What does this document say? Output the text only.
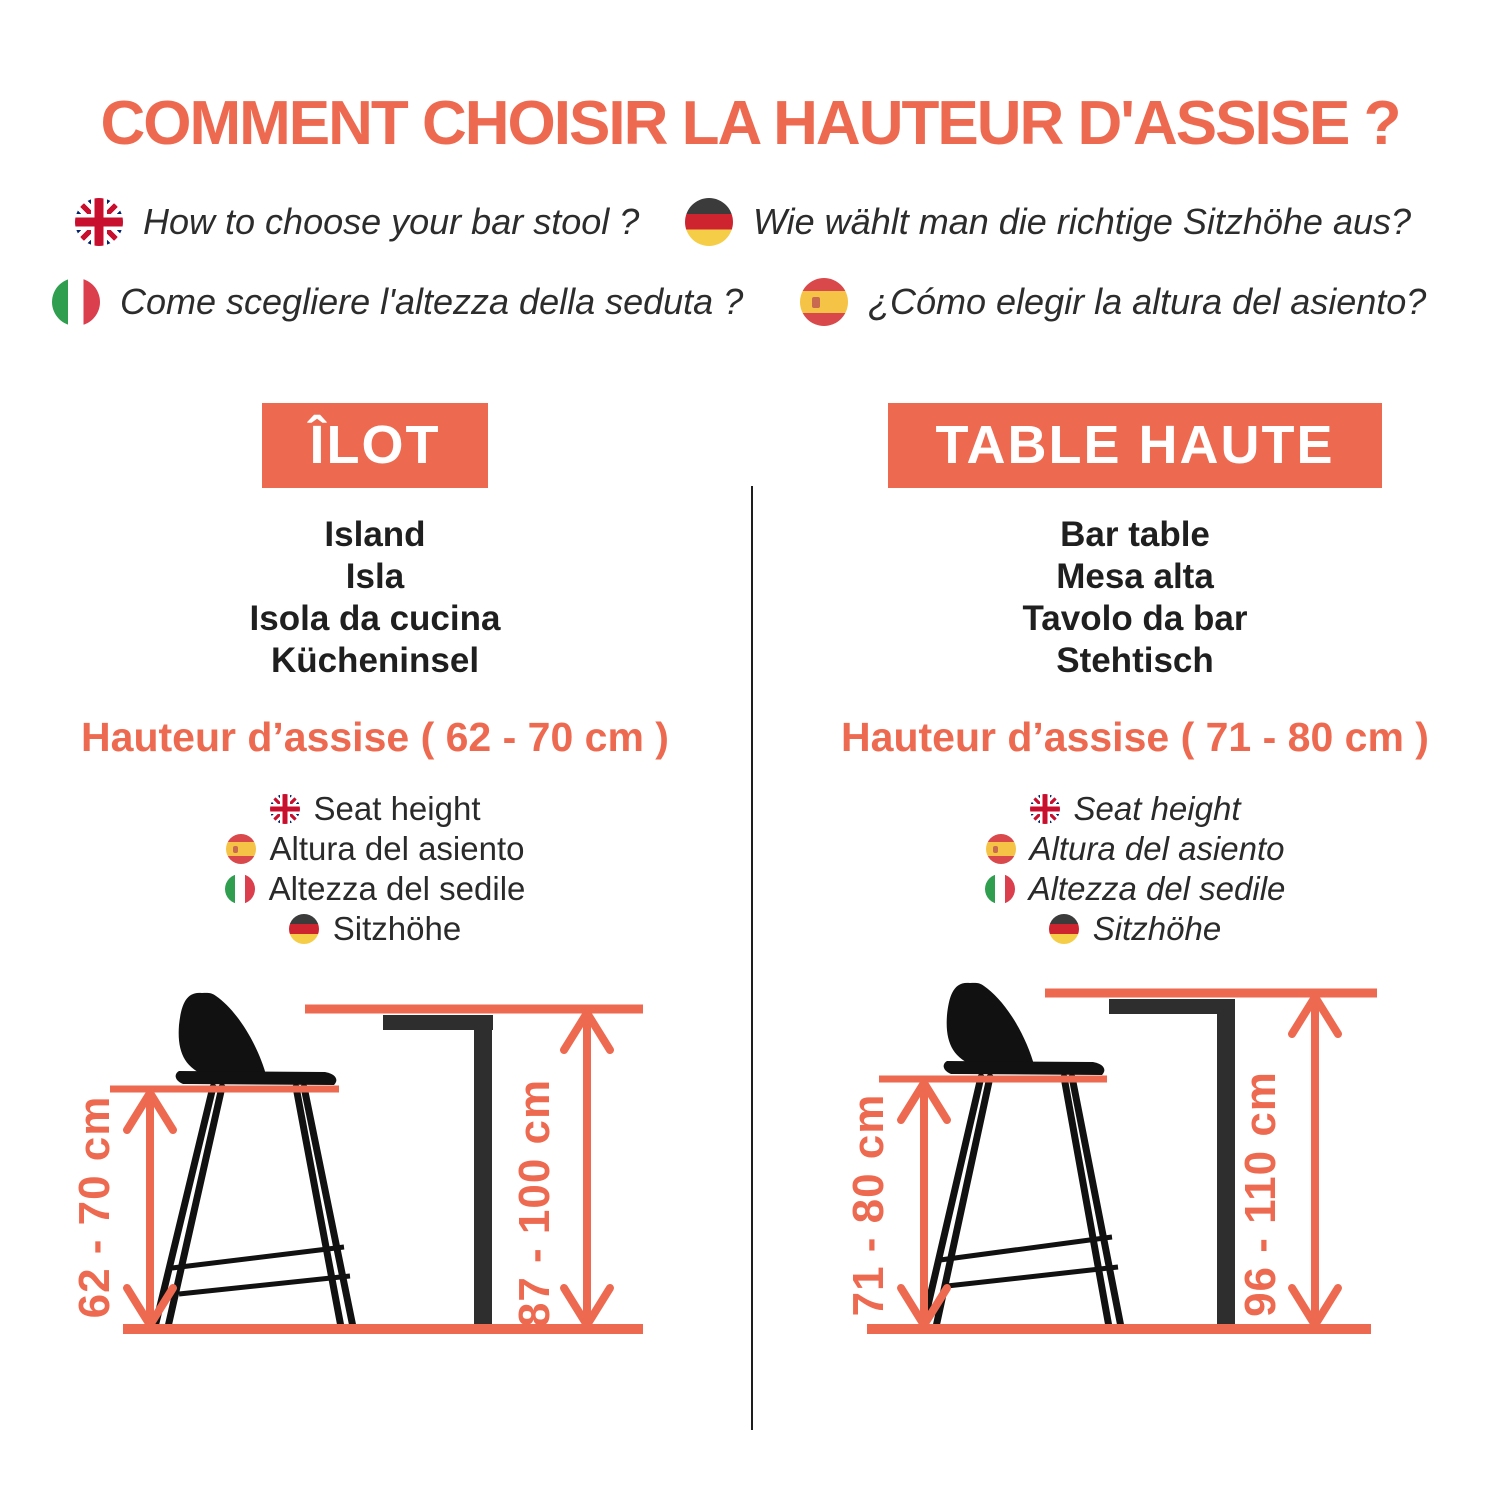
COMMENT CHOISIR LA HAUTEUR D'ASSISE ?
How to choose your bar stool ?	Wie wählt man die richtige Sitzhöhe aus?
Come scegliere l'altezza della seduta ?	¿Cómo elegir la altura del asiento?
ÎLOT
Island
Isla
Isola da cucina
Kücheninsel
Hauteur d’assise ( 62 - 70 cm )
Seat height
Altura del asiento
Altezza del sedile
Sitzhöhe
62 - 70 cm	87 - 100 cm
TABLE HAUTE
Bar table
Mesa alta
Tavolo da bar
Stehtisch
Hauteur d’assise ( 71 - 80 cm )
Seat height
Altura del asiento
Altezza del sedile
Sitzhöhe
71 - 80 cm	96 - 110 cm
